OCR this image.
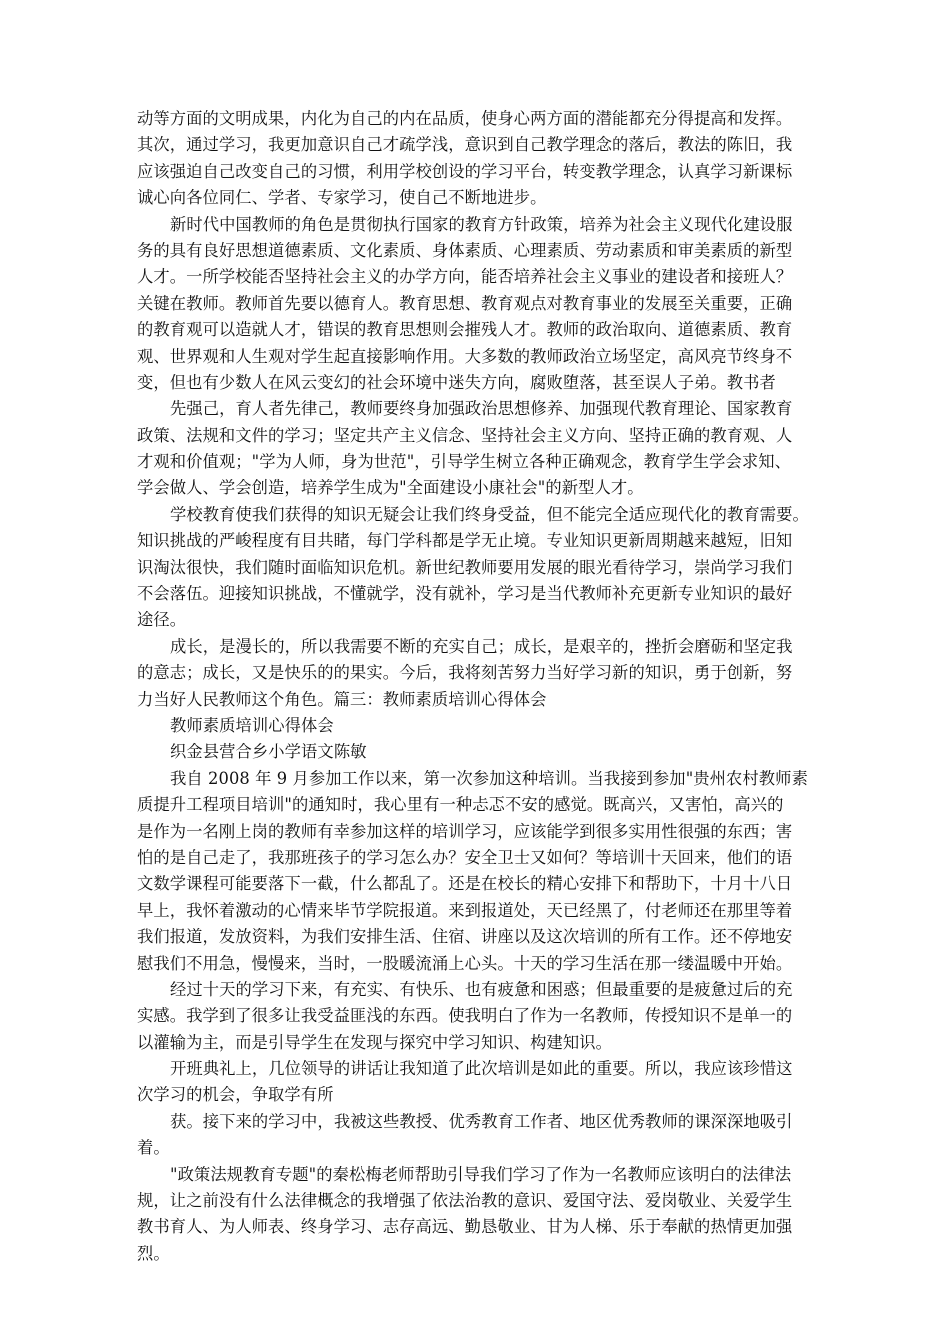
动等方面的文明成果，内化为自己的内在品质，使身心两方面的潜能都充分得提高和发挥。
其次，通过学习，我更加意识自己才疏学浅，意识到自己教学理念的落后，教法的陈旧，我
应该强迫自己改变自己的习惯，利用学校创设的学习平台，转变教学理念，认真学习新课标
诚心向各位同仁、学者、专家学习，使自己不断地进步。
新时代中国教师的角色是贯彻执行国家的教育方针政策，培养为社会主义现代化建设服
务的具有良好思想道德素质、文化素质、身体素质、心理素质、劳动素质和审美素质的新型
人才。一所学校能否坚持社会主义的办学方向，能否培养社会主义事业的建设者和接班人？
关键在教师。教师首先要以德育人。教育思想、教育观点对教育事业的发展至关重要，正确
的教育观可以造就人才，错误的教育思想则会摧残人才。教师的政治取向、道德素质、教育
观、世界观和人生观对学生起直接影响作用。大多数的教师政治立场坚定，高风亮节终身不
变，但也有少数人在风云变幻的社会环境中迷失方向，腐败堕落，甚至误人子弟。教书者
先强己，育人者先律己，教师要终身加强政治思想修养、加强现代教育理论、国家教育
政策、法规和文件的学习；坚定共产主义信念、坚持社会主义方向、坚持正确的教育观、人
才观和价值观；"学为人师，身为世范"，引导学生树立各种正确观念，教育学生学会求知、
学会做人、学会创造，培养学生成为"全面建设小康社会"的新型人才。
学校教育使我们获得的知识无疑会让我们终身受益，但不能完全适应现代化的教育需要。
知识挑战的严峻程度有目共睹，每门学科都是学无止境。专业知识更新周期越来越短，旧知
识淘汰很快，我们随时面临知识危机。新世纪教师要用发展的眼光看待学习，崇尚学习我们
不会落伍。迎接知识挑战，不懂就学，没有就补，学习是当代教师补充更新专业知识的最好
途径。
成长，是漫长的，所以我需要不断的充实自己；成长，是艰辛的，挫折会磨砺和坚定我
的意志；成长，又是快乐的的果实。今后，我将刻苦努力当好学习新的知识，勇于创新，努
力当好人民教师这个角色。篇三：教师素质培训心得体会
教师素质培训心得体会
织金县营合乡小学语文陈敏
我自 2008 年 9 月参加工作以来，第一次参加这种培训。当我接到参加"贵州农村教师素
质提升工程项目培训"的通知时，我心里有一种忐忑不安的感觉。既高兴，又害怕，高兴的
是作为一名刚上岗的教师有幸参加这样的培训学习，应该能学到很多实用性很强的东西；害
怕的是自己走了，我那班孩子的学习怎么办？安全卫士又如何？等培训十天回来，他们的语
文数学课程可能要落下一截，什么都乱了。还是在校长的精心安排下和帮助下，十月十八日
早上，我怀着激动的心情来毕节学院报道。来到报道处，天已经黑了，付老师还在那里等着
我们报道，发放资料，为我们安排生活、住宿、讲座以及这次培训的所有工作。还不停地安
慰我们不用急，慢慢来，当时，一股暖流涌上心头。十天的学习生活在那一缕温暖中开始。
经过十天的学习下来，有充实、有快乐、也有疲惫和困惑；但最重要的是疲惫过后的充
实感。我学到了很多让我受益匪浅的东西。使我明白了作为一名教师，传授知识不是单一的
以灌输为主，而是引导学生在发现与探究中学习知识、构建知识。
开班典礼上，几位领导的讲话让我知道了此次培训是如此的重要。所以，我应该珍惜这
次学习的机会，争取学有所
获。接下来的学习中，我被这些教授、优秀教育工作者、地区优秀教师的课深深地吸引
着。
"政策法规教育专题"的秦松梅老师帮助引导我们学习了作为一名教师应该明白的法律法
规，让之前没有什么法律概念的我增强了依法治教的意识、爱国守法、爱岗敬业、关爱学生
教书育人、为人师表、终身学习、志存高远、勤恳敬业、甘为人梯、乐于奉献的热情更加强
烈。
